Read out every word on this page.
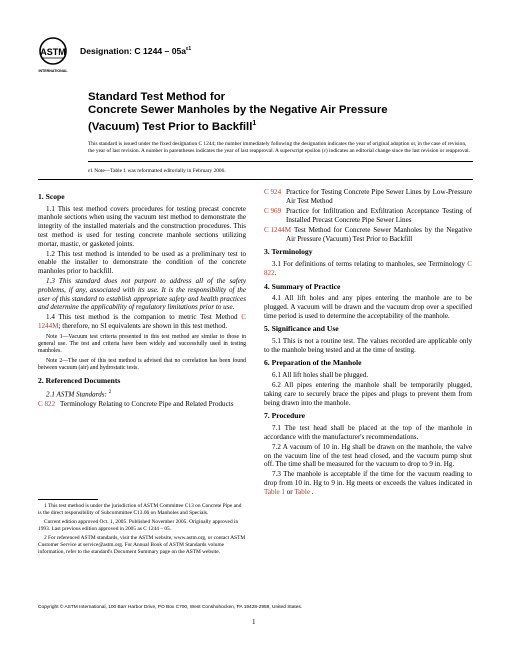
ASTM
INTERNATIONAL
Designation: C $1244 - 05a^{\varepsilon 1}$
Standard Test Method for
Concrete Sewer Manholes by the Negative Air Pressure
(Vacuum) Test Prior to Backfill$^1$
This standard is issued under the fixed designation C 1244; the number immediately following the designation indicates the year of original adoption or, in the case of revision, the year of last revision. A number in parentheses indicates the year of last reapproval. A superscript epsilon (ε) indicates an editorial change since the last revision or reapproval.
ε1 Note—Table 1 was reformatted editorially in February 2006.

1. Scope

1.1 This test method covers procedures for testing precast concrete manhole sections when using the vacuum test method to demonstrate the integrity of the installed materials and the construction procedures. This test method is used for testing concrete manhole sections utilizing mortar, mastic, or gasketed joints.

1.2 This test method is intended to be used as a preliminary test to enable the installer to demonstrate the condition of the concrete manholes prior to backfill.

1.3 This standard does not purport to address all of the safety problems, if any, associated with its use. It is the responsibility of the user of this standard to establish appropriate safety and health practices and determine the applicability of regulatory limitations prior to use.

1.4 This test method is the companion to metric Test Method C 1244M; therefore, no SI equivalents are shown in this test method.

Note 1—Vacuum test criteria presented in this test method are similar to those in general use. The test and criteria have been widely and successfully used in testing manholes.

Note 2—The user of this test method is advised that no correlation has been found between vacuum (air) and hydrostatic tests.

2. Referenced Documents

2.1 ASTM Standards: $^2$

C 822 Terminology Relating to Concrete Pipe and Related Products

1 This test method is under the jurisdiction of ASTM Committee C13 on Concrete Pipe and is the direct responsibility of Subcommittee C13.06 on Manholes and Specials.

Current edition approved Oct. 1, 2005. Published November 2005. Originally approved in 1993. Last previous edition approved in 2005 as C 1244 – 05.

2 For referenced ASTM standards, visit the ASTM website, www.astm.org, or contact ASTM Customer Service at service@astm.org. For Annual Book of ASTM Standards volume information, refer to the standard's Document Summary page on the ASTM website.

C 924 Practice for Testing Concrete Pipe Sewer Lines by Low-Pressure Air Test Method

C 969 Practice for Infiltration and Exfiltration Acceptance Testing of Installed Precast Concrete Pipe Sewer Lines

C 1244M Test Method for Concrete Sewer Manholes by the Negative Air Pressure (Vacuum) Test Prior to Backfill

3. Terminology

3.1 For definitions of terms relating to manholes, see Terminology C 822.

4. Summary of Practice

4.1 All lift holes and any pipes entering the manhole are to be plugged. A vacuum will be drawn and the vacuum drop over a specified time period is used to determine the acceptability of the manhole.

5. Significance and Use

5.1 This is not a routine test. The values recorded are applicable only to the manhole being tested and at the time of testing.

6. Preparation of the Manhole

6.1 All lift holes shall be plugged.

6.2 All pipes entering the manhole shall be temporarily plugged, taking care to securely brace the pipes and plugs to prevent them from being drawn into the manhole.

7. Procedure

7.1 The test head shall be placed at the top of the manhole in accordance with the manufacturer's recommendations.

7.2 A vacuum of 10 in. Hg shall be drawn on the manhole, the valve on the vacuum line of the test head closed, and the vacuum pump shut off. The time shall be measured for the vacuum to drop to 9 in. Hg.

7.3 The manhole is acceptable if the time for the vacuum reading to drop from 10 in. Hg to 9 in. Hg meets or exceeds the values indicated in Table 1 or Table .

Copyright © ASTM International, 100 Barr Harbor Drive, PO Box C700, West Conshohocken, PA 19428-2959, United States.
1
